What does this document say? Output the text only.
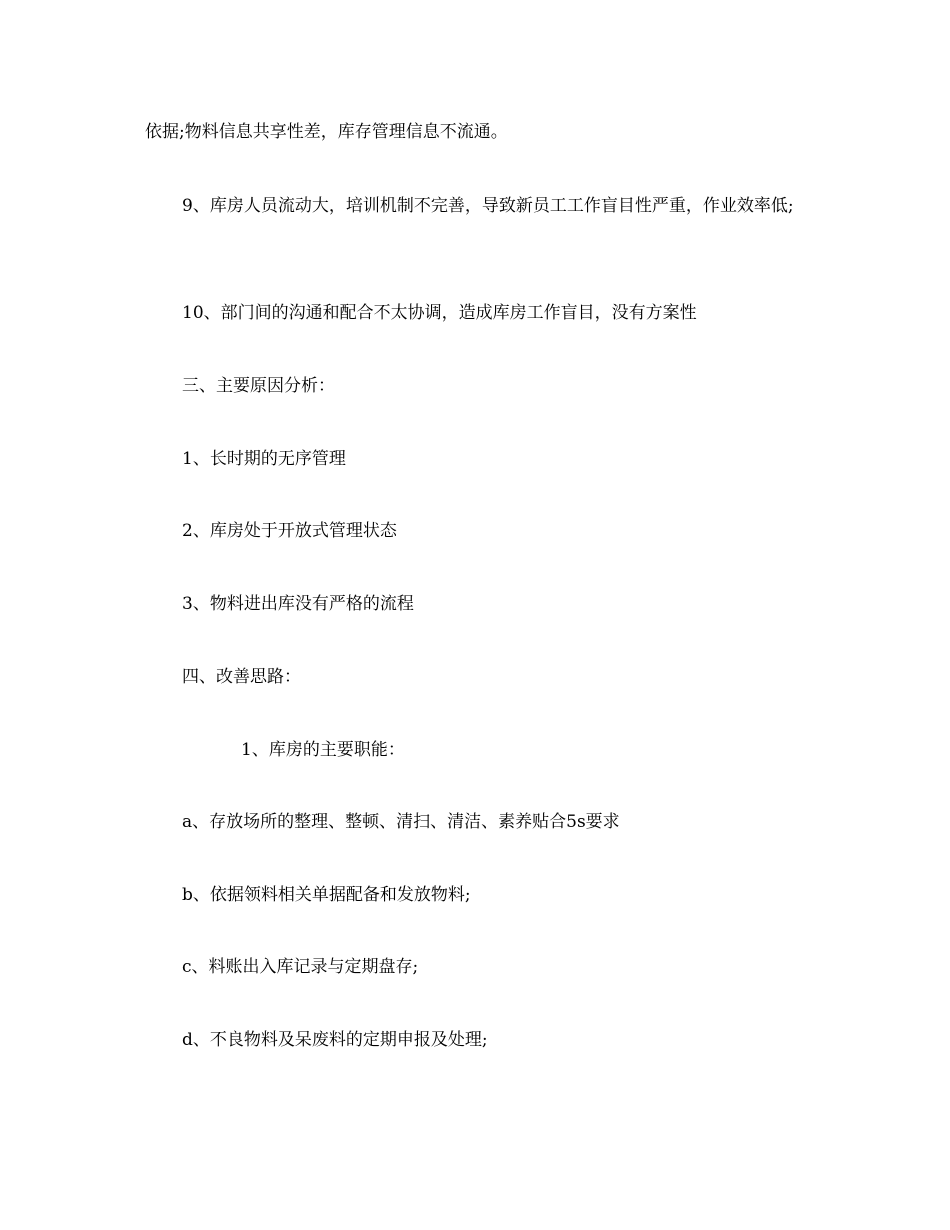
依据;物料信息共享性差，库存管理信息不流通。

9、库房人员流动大，培训机制不完善，导致新员工工作盲目性严重，作业效率低;

10、部门间的沟通和配合不太协调，造成库房工作盲目，没有方案性

三、主要原因分析：

1、长时期的无序管理

2、库房处于开放式管理状态

3、物料进出库没有严格的流程

四、改善思路：

1、库房的主要职能：

a、存放场所的整理、整顿、清扫、清洁、素养贴合5s要求

b、依据领料相关单据配备和发放物料;

c、料账出入库记录与定期盘存;

d、不良物料及呆废料的定期申报及处理;
